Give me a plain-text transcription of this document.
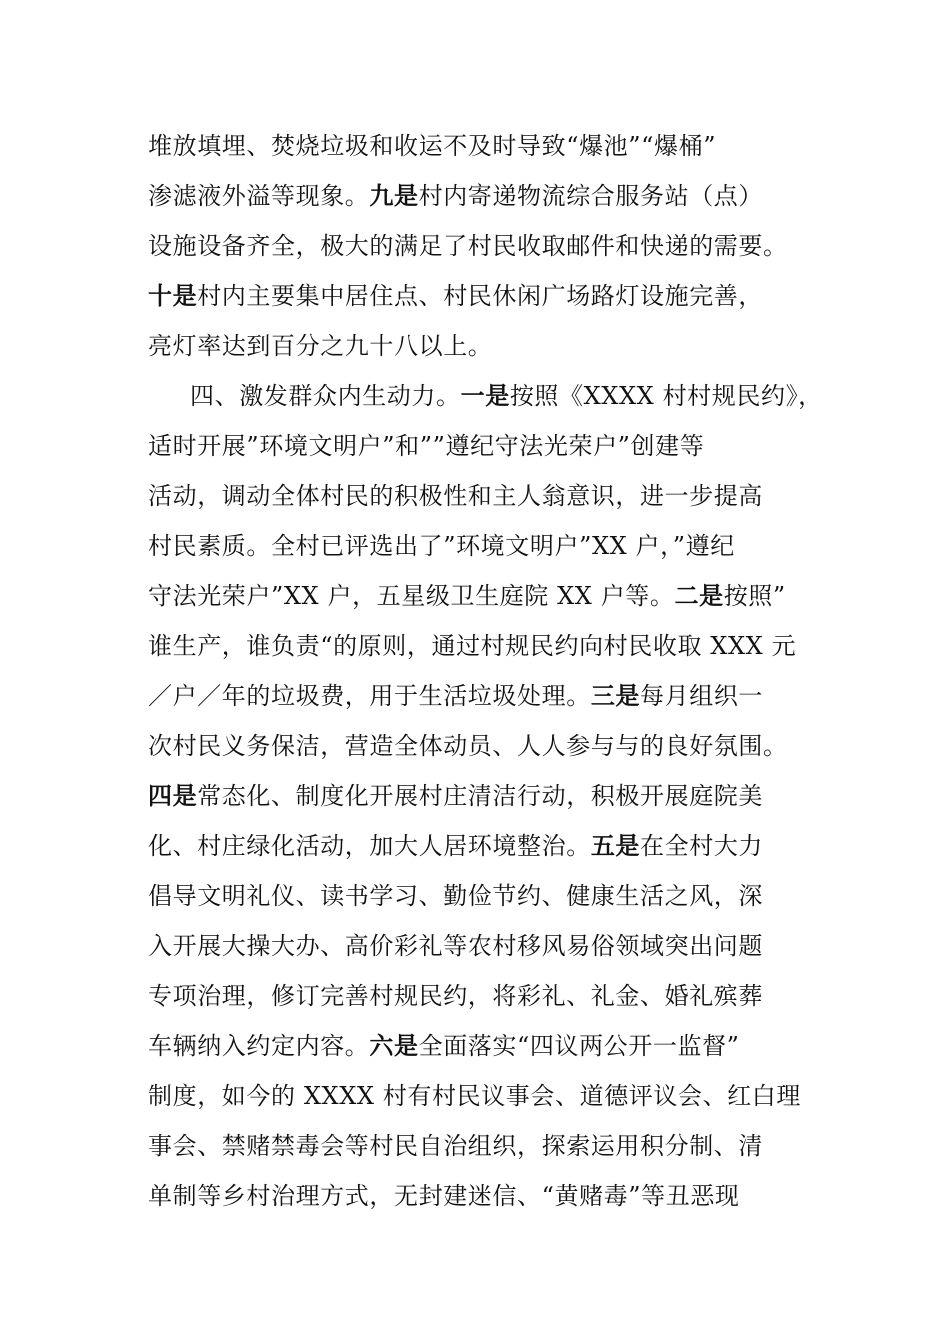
堆放填埋、焚烧垃圾和收运不及时导致“爆池”“爆桶”
渗滤液外溢等现象。九是村内寄递物流综合服务站（点）
设施设备齐全，极大的满足了村民收取邮件和快递的需要。
十是村内主要集中居住点、村民休闲广场路灯设施完善，
亮灯率达到百分之九十八以上。
四、激发群众内生动力。一是按照《XXXX 村村规民约》，
适时开展”环境文明户”和””遵纪守法光荣户”创建等
活动，调动全体村民的积极性和主人翁意识，进一步提高
村民素质。全村已评选出了”环境文明户”XX 户，”遵纪
守法光荣户”XX 户，五星级卫生庭院 XX 户等。二是按照”
谁生产，谁负责“的原则，通过村规民约向村民收取 XXX 元
／户／年的垃圾费，用于生活垃圾处理。三是每月组织一
次村民义务保洁，营造全体动员、人人参与与的良好氛围。
四是常态化、制度化开展村庄清洁行动，积极开展庭院美
化、村庄绿化活动，加大人居环境整治。五是在全村大力
倡导文明礼仪、读书学习、勤俭节约、健康生活之风，深
入开展大操大办、高价彩礼等农村移风易俗领域突出问题
专项治理，修订完善村规民约，将彩礼、礼金、婚礼殡葬
车辆纳入约定内容。六是全面落实“四议两公开一监督”
制度，如今的 XXXX 村有村民议事会、道德评议会、红白理
事会、禁赌禁毒会等村民自治组织，探索运用积分制、清
单制等乡村治理方式，无封建迷信、“黄赌毒”等丑恶现
